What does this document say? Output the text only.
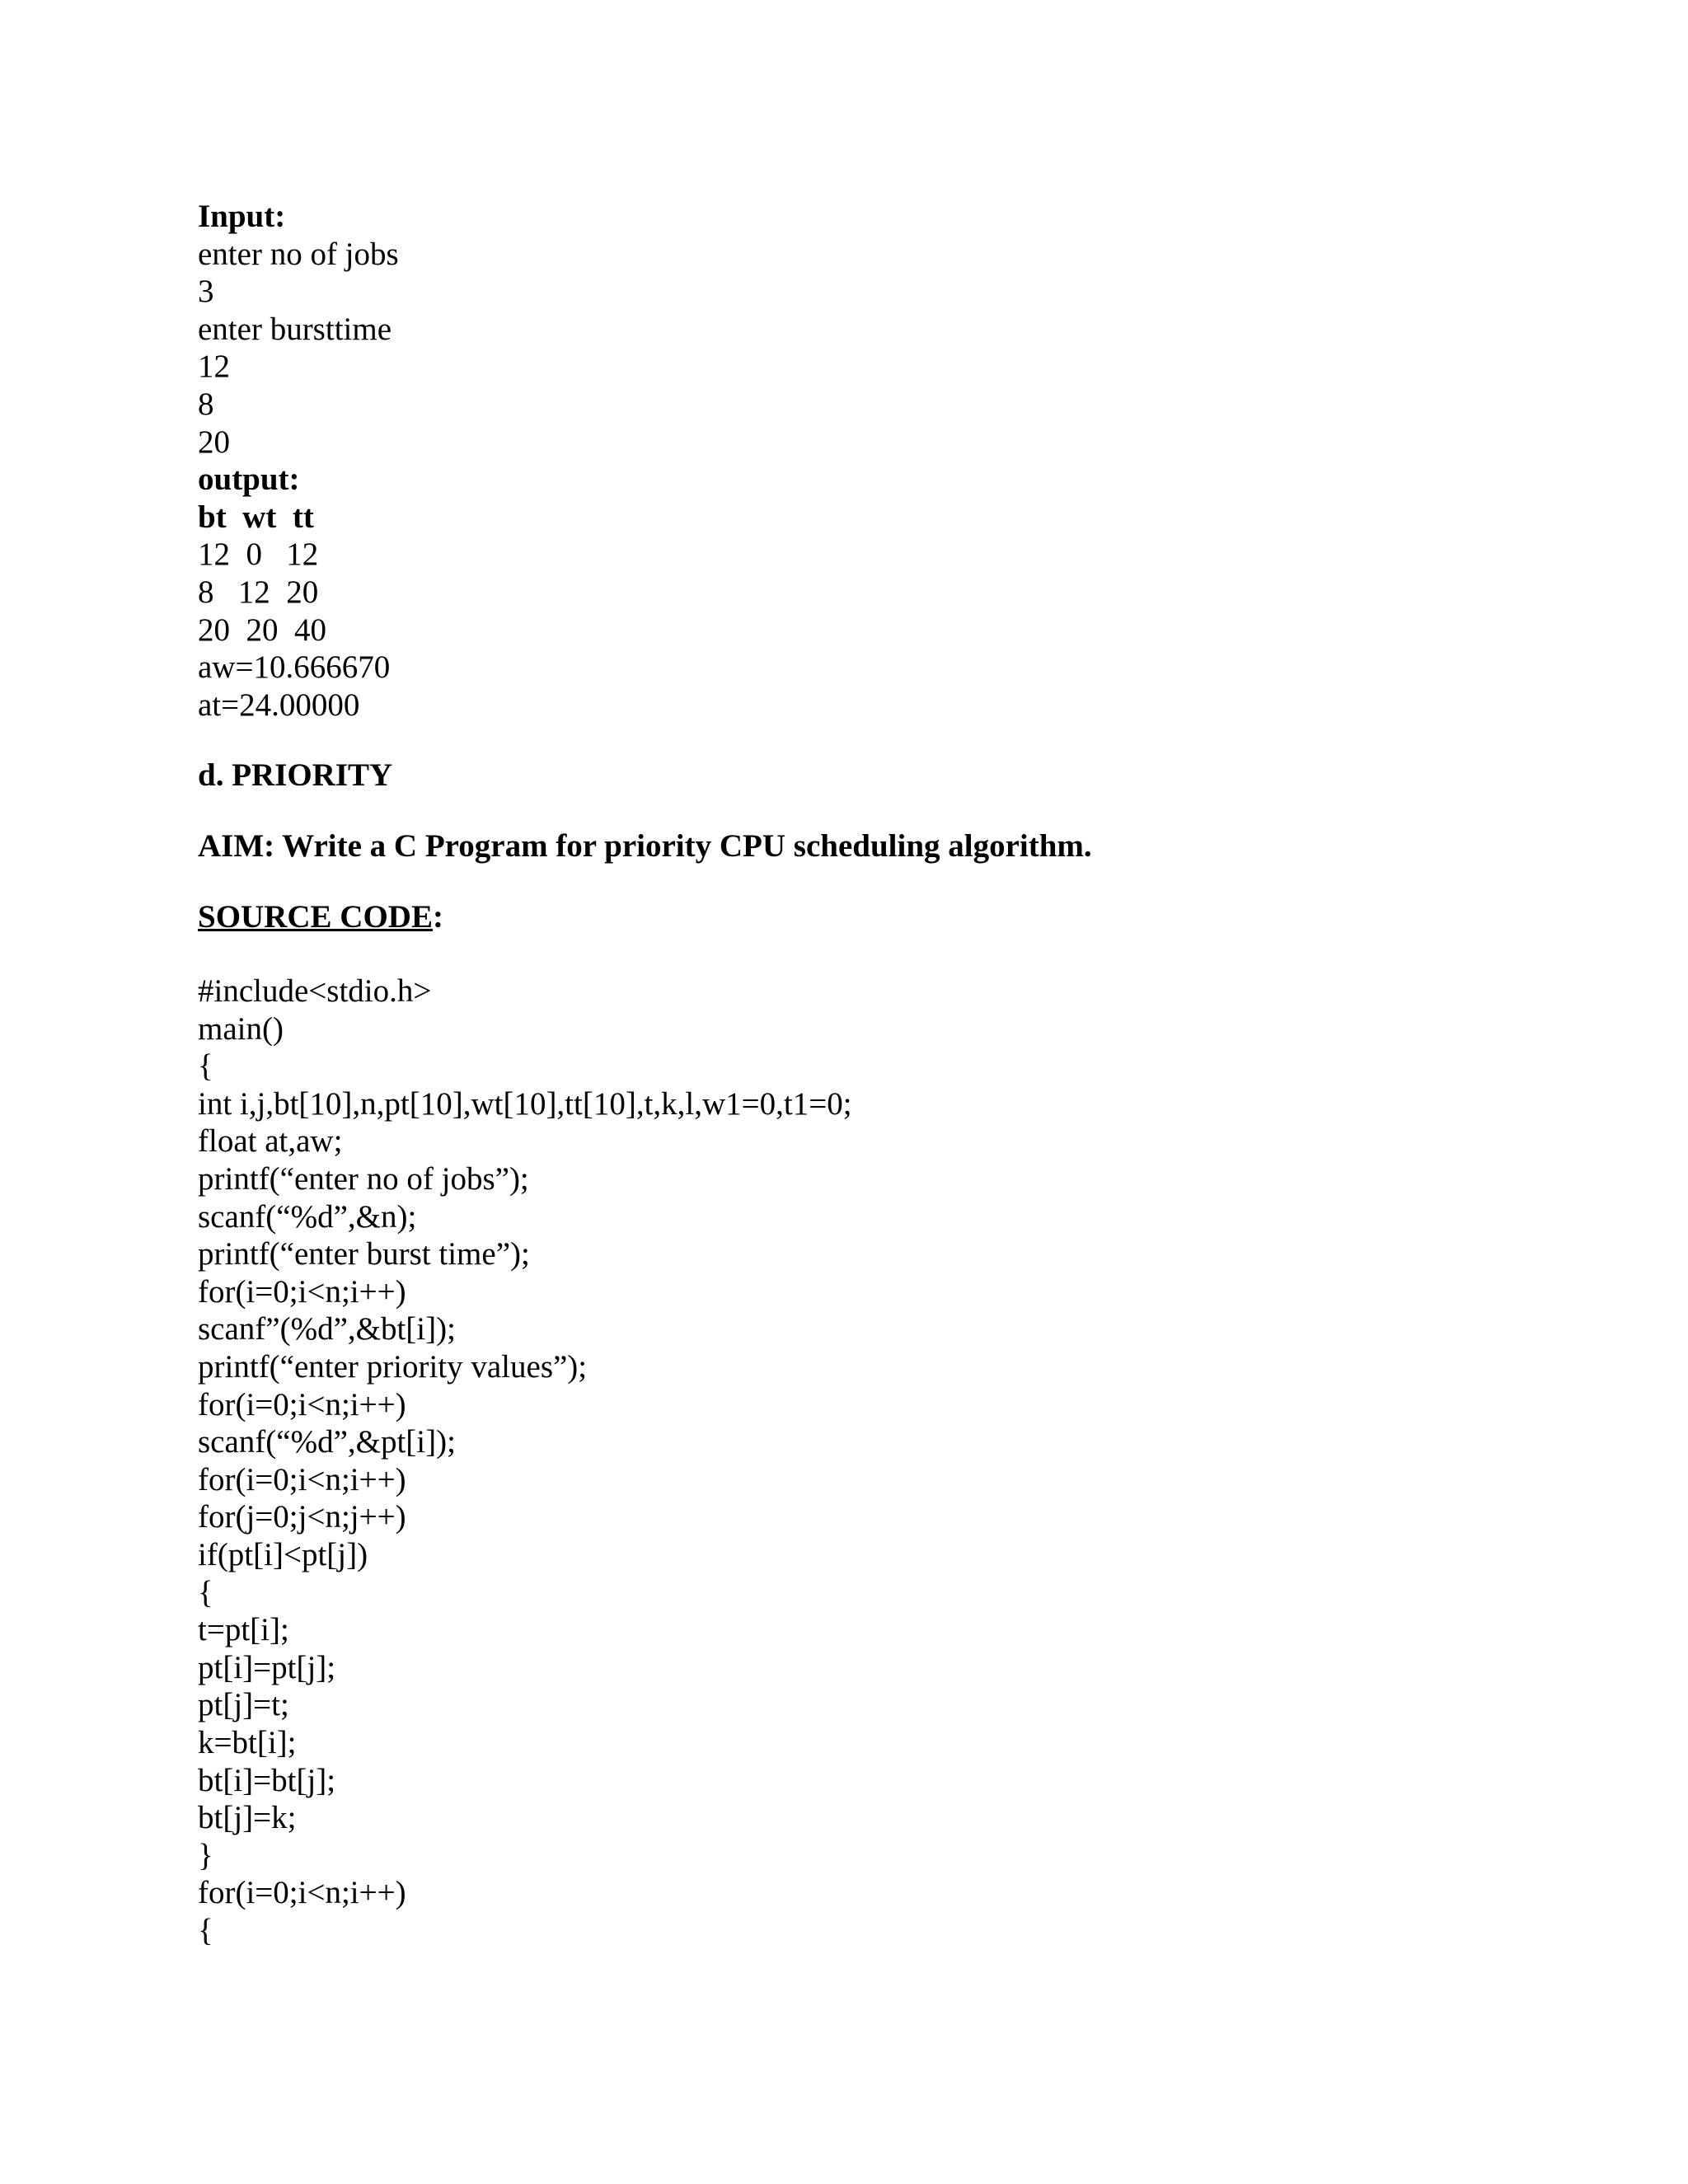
Input:
enter no of jobs
3
enter bursttime
12
8
20
output:
bt  wt  tt
12  0   12
8   12  20
20  20  40
aw=10.666670
at=24.00000
d. PRIORITY
AIM: Write a C Program for priority CPU scheduling algorithm.
SOURCE CODE:
#include<stdio.h>
main()
{
int i,j,bt[10],n,pt[10],wt[10],tt[10],t,k,l,w1=0,t1=0;
float at,aw;
printf(“enter no of jobs”);
scanf(“%d”,&n);
printf(“enter burst time”);
for(i=0;i<n;i++)
scanf”(%d”,&bt[i]);
printf(“enter priority values”);
for(i=0;i<n;i++)
scanf(“%d”,&pt[i]);
for(i=0;i<n;i++)
for(j=0;j<n;j++)
if(pt[i]<pt[j])
{
t=pt[i];
pt[i]=pt[j];
pt[j]=t;
k=bt[i];
bt[i]=bt[j];
bt[j]=k;
}
for(i=0;i<n;i++)
{
